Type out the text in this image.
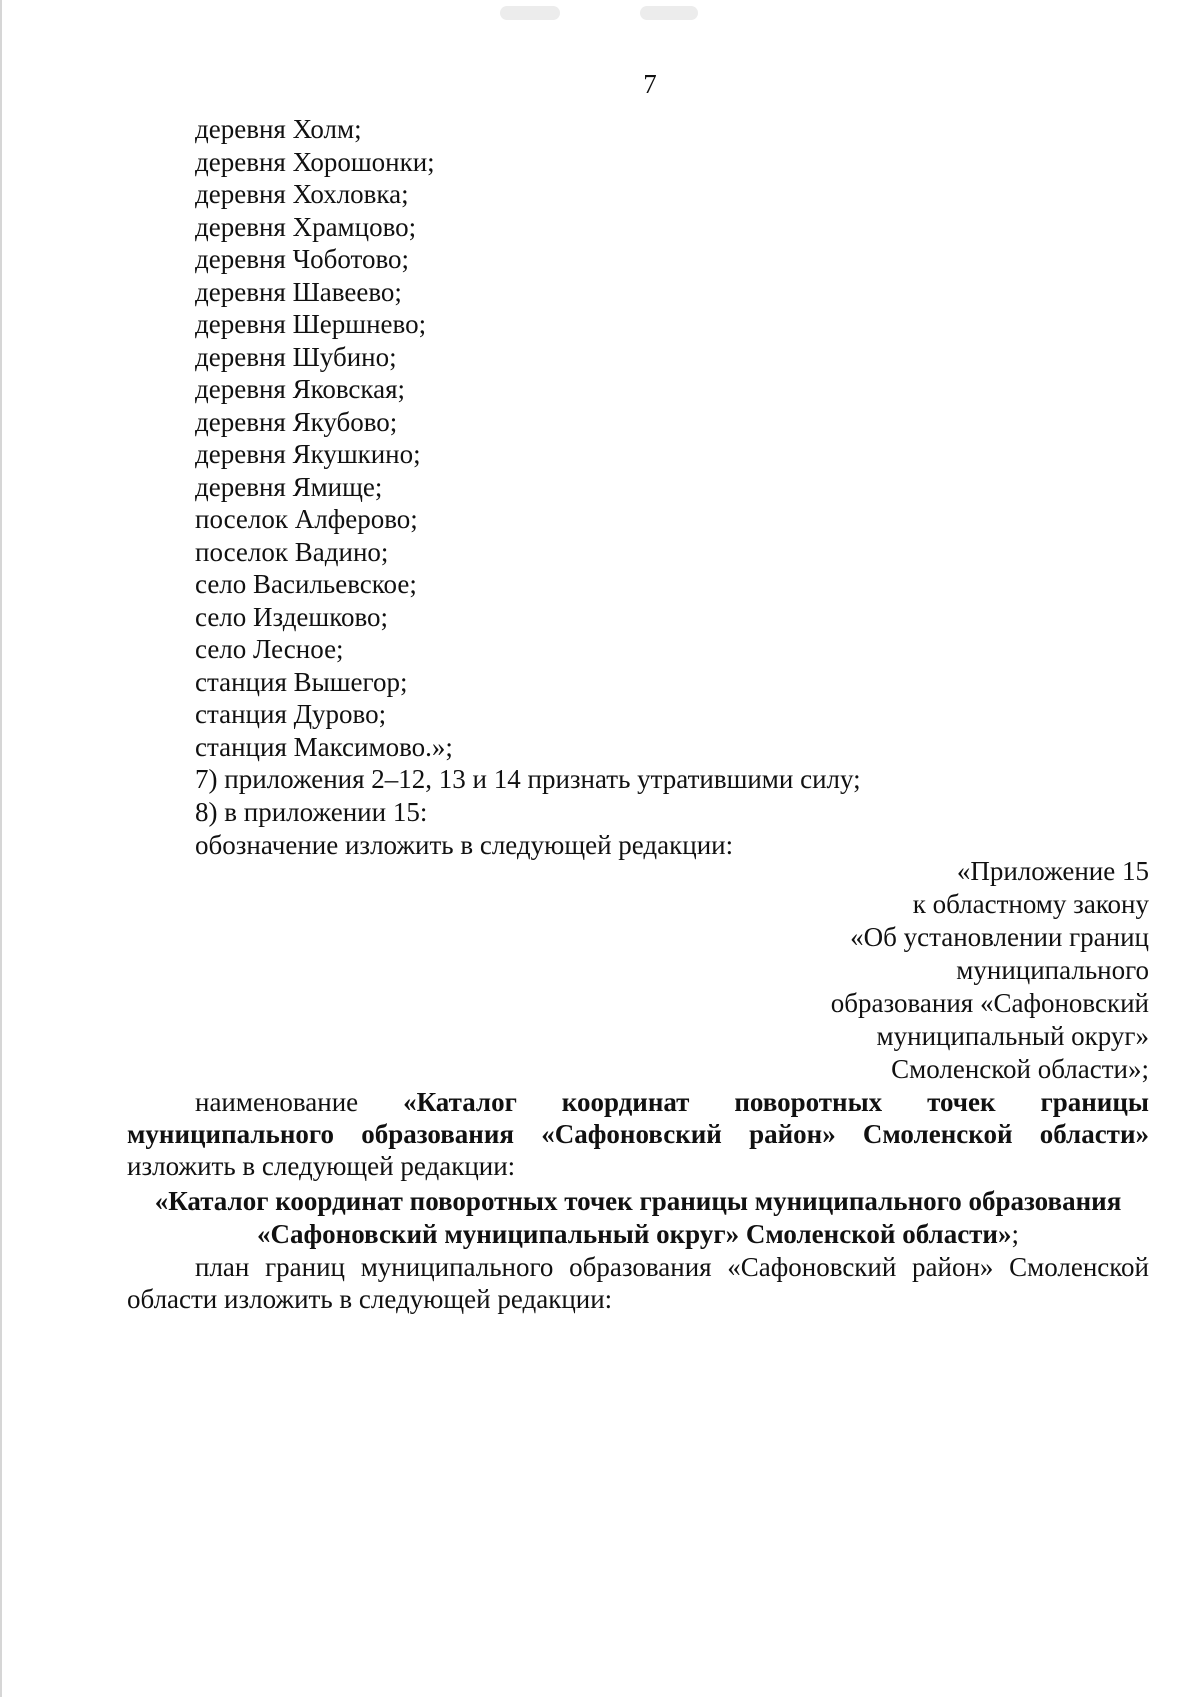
7
деревня Холм;
деревня Хорошонки;
деревня Хохловка;
деревня Храмцово;
деревня Чоботово;
деревня Шавеево;
деревня Шершнево;
деревня Шубино;
деревня Яковская;
деревня Якубово;
деревня Якушкино;
деревня Ямище;
поселок Алферово;
поселок Вадино;
село Васильевское;
село Издешково;
село Лесное;
станция Вышегор;
станция Дурово;
станция Максимово.»;

7) приложения 2–12, 13 и 14 признать утратившими силу;

8) в приложении 15:

обозначение изложить в следующей редакции:

«Приложение 15
к областному закону
«Об установлении границ
муниципального
образования «Сафоновский
муниципальный округ»
Смоленской области»;

наименование «Каталог координат поворотных точек границы

муниципального образования «Сафоновский район» Смоленской области»

изложить в следующей редакции:

«Каталог координат поворотных точек границы муниципального образования

«Сафоновский муниципальный округ» Смоленской области»;

план границ муниципального образования «Сафоновский район» Смоленской

области изложить в следующей редакции:
